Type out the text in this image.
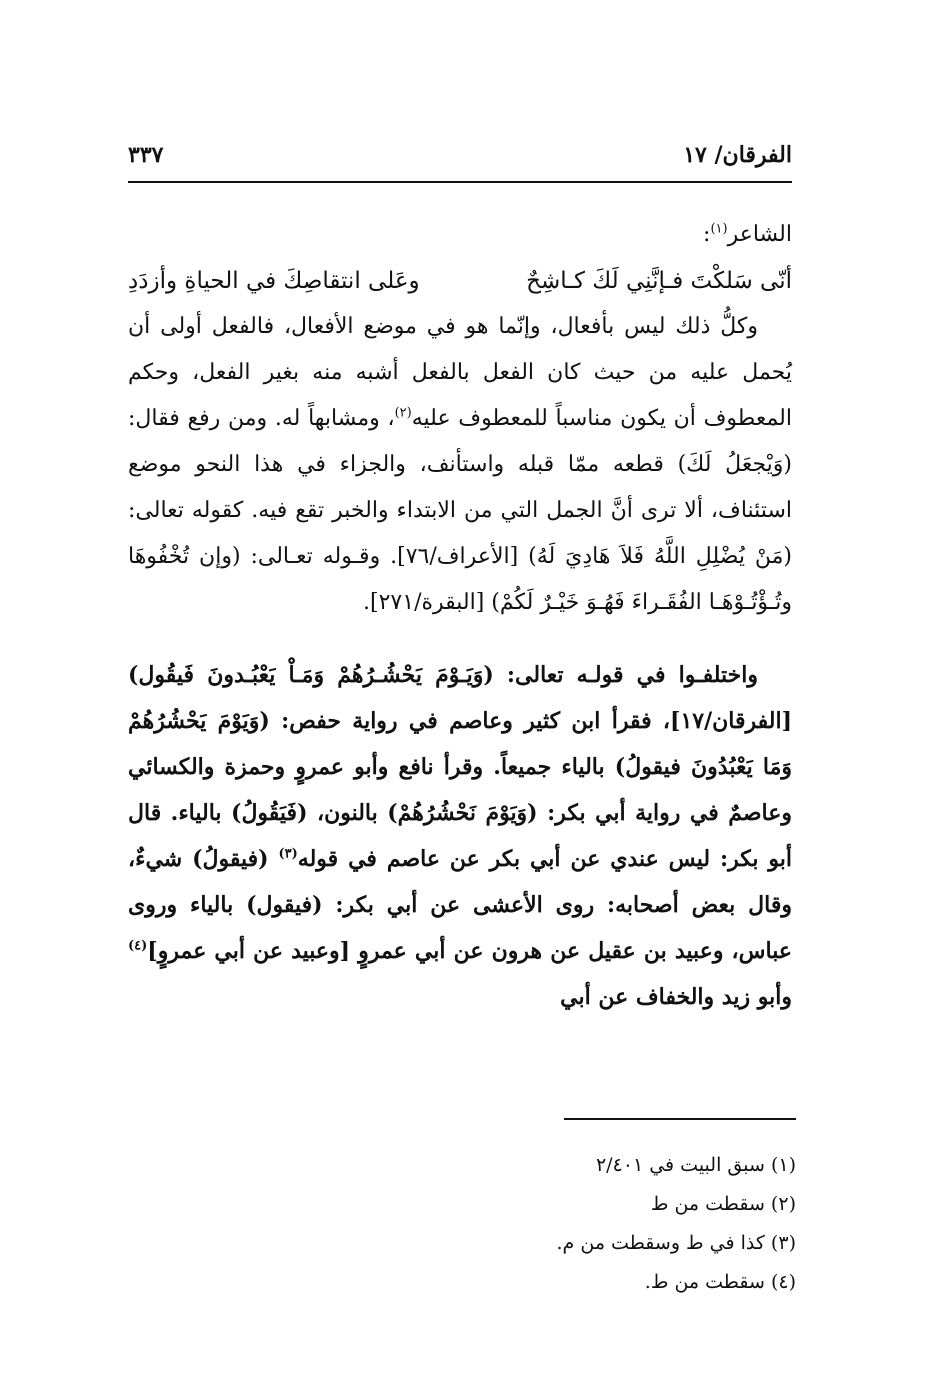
الفرقان/ ١٧
٣٣٧

الشاعر$^{(١)}$:

أنّى سَلكْتَ فـإنَّنِي لَكَ كـاشِحٌ
وعَلى انتقاصِكَ في الحياةِ وأزدَدِ

وكلُّ ذلك ليس بأفعال، وإنّما هو في موضع الأفعال، فالفعل أولى أن يُحمل عليه من حيث كان الفعل بالفعل أشبه منه بغير الفعل، وحكم المعطوف أن يكون مناسباً للمعطوف عليه$^{(٢)}$، ومشابهاً له. ومن رفع فقال: (وَيْجعَلُ لَكَ) قطعه ممّا قبله واستأنف، والجزاء في هذا النحو موضع استئناف، ألا ترى أنَّ الجمل التي من الابتداء والخبر تقع فيه. كقوله تعالى: (مَنْ يُضْلِلِ اللَّهُ فَلاَ هَادِيَ لَهُ) [الأعراف/٧٦]. وقـوله تعـالى: (وإن تُخْفُوهَا وتُـؤْتُـوْهَـا الفُقَـراءَ فَهُـوَ خَيْـرٌ لَكُمْ) [البقرة/٢٧١].

واختلفـوا في قولـه تعالى: (وَيَـوْمَ يَحْشُـرُهُمْ وَمَـاْ يَعْبُـدونَ فَيقُول) [الفرقان/١٧]، فقرأ ابن كثير وعاصم في رواية حفص: (وَيَوْمَ يَحْشُرُهُمْ وَمَا يَعْبُدُونَ فيقولُ) بالياء جميعاً. وقرأ نافع وأبو عمروٍ وحمزة والكسائي وعاصمٌ في رواية أبي بكر: (وَيَوْمَ نَحْشُرُهُمْ) بالنون، (فَيَقُولُ) بالياء. قال أبو بكر: ليس عندي عن أبي بكر عن عاصم في قوله$^{(٣)}$ (فيقولُ) شيءٌ، وقال بعض أصحابه: روى الأعشى عن أبي بكر: (فيقول) بالياء وروى عباس، وعبيد بن عقيل عن هرون عن أبي عمروٍ [وعبيد عن أبي عمروٍ]$^{(٤)}$ وأبو زيد والخفاف عن أبي

(١) سبق البيت في ٢/٤٠١
(٢) سقطت من ط
(٣) كذا في ط وسقطت من م.
(٤) سقطت من ط.
